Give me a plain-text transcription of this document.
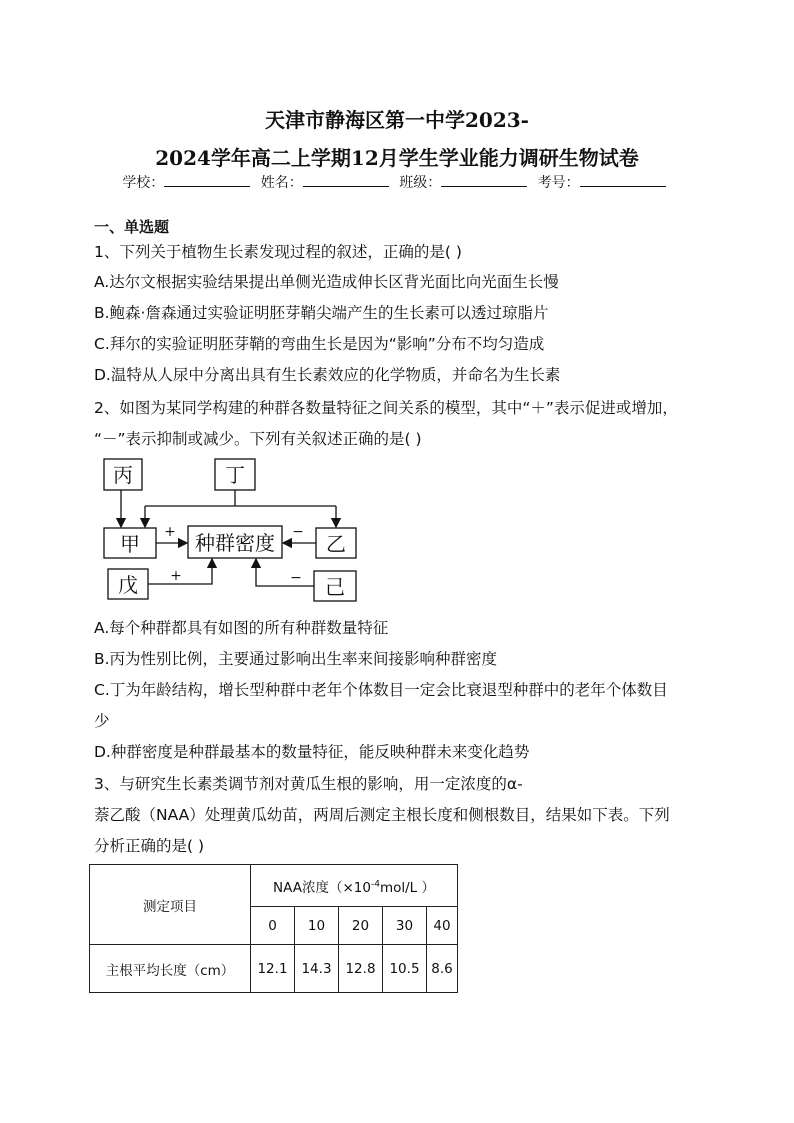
天津市静海区第一中学2023-
2024学年高二上学期12月学生学业能力调研生物试卷
学校：	姓名：	班级：	考号：
一、单选题
1、下列关于植物生长素发现过程的叙述，正确的是( )
A.达尔文根据实验结果提出单侧光造成伸长区背光面比向光面生长慢
B.鲍森·詹森通过实验证明胚芽鞘尖端产生的生长素可以透过琼脂片
C.拜尔的实验证明胚芽鞘的弯曲生长是因为“影响”分布不均匀造成
D.温特从人尿中分离出具有生长素效应的化学物质，并命名为生长素
2、如图为某同学构建的种群各数量特征之间关系的模型，其中“＋”表示促进或增加，
“－”表示抑制或减少。下列有关叙述正确的是( )
丙	丁
甲	种群密度	乙
戊	己
+	−
+	−
A.每个种群都具有如图的所有种群数量特征
B.丙为性别比例，主要通过影响出生率来间接影响种群密度
C.丁为年龄结构，增长型种群中老年个体数目一定会比衰退型种群中的老年个体数目
少
D.种群密度是种群最基本的数量特征，能反映种群未来变化趋势
3、与研究生长素类调节剂对黄瓜生根的影响，用一定浓度的α-
萘乙酸（NAA）处理黄瓜幼苗，两周后测定主根长度和侧根数目，结果如下表。下列
分析正确的是( )
测定项目	NAA浓度（$\times 10^{-4}mol/L$ ）				
	0	10	20	30	40
主根平均长度（cm）	12.1	14.3	12.8	10.5	8.6
